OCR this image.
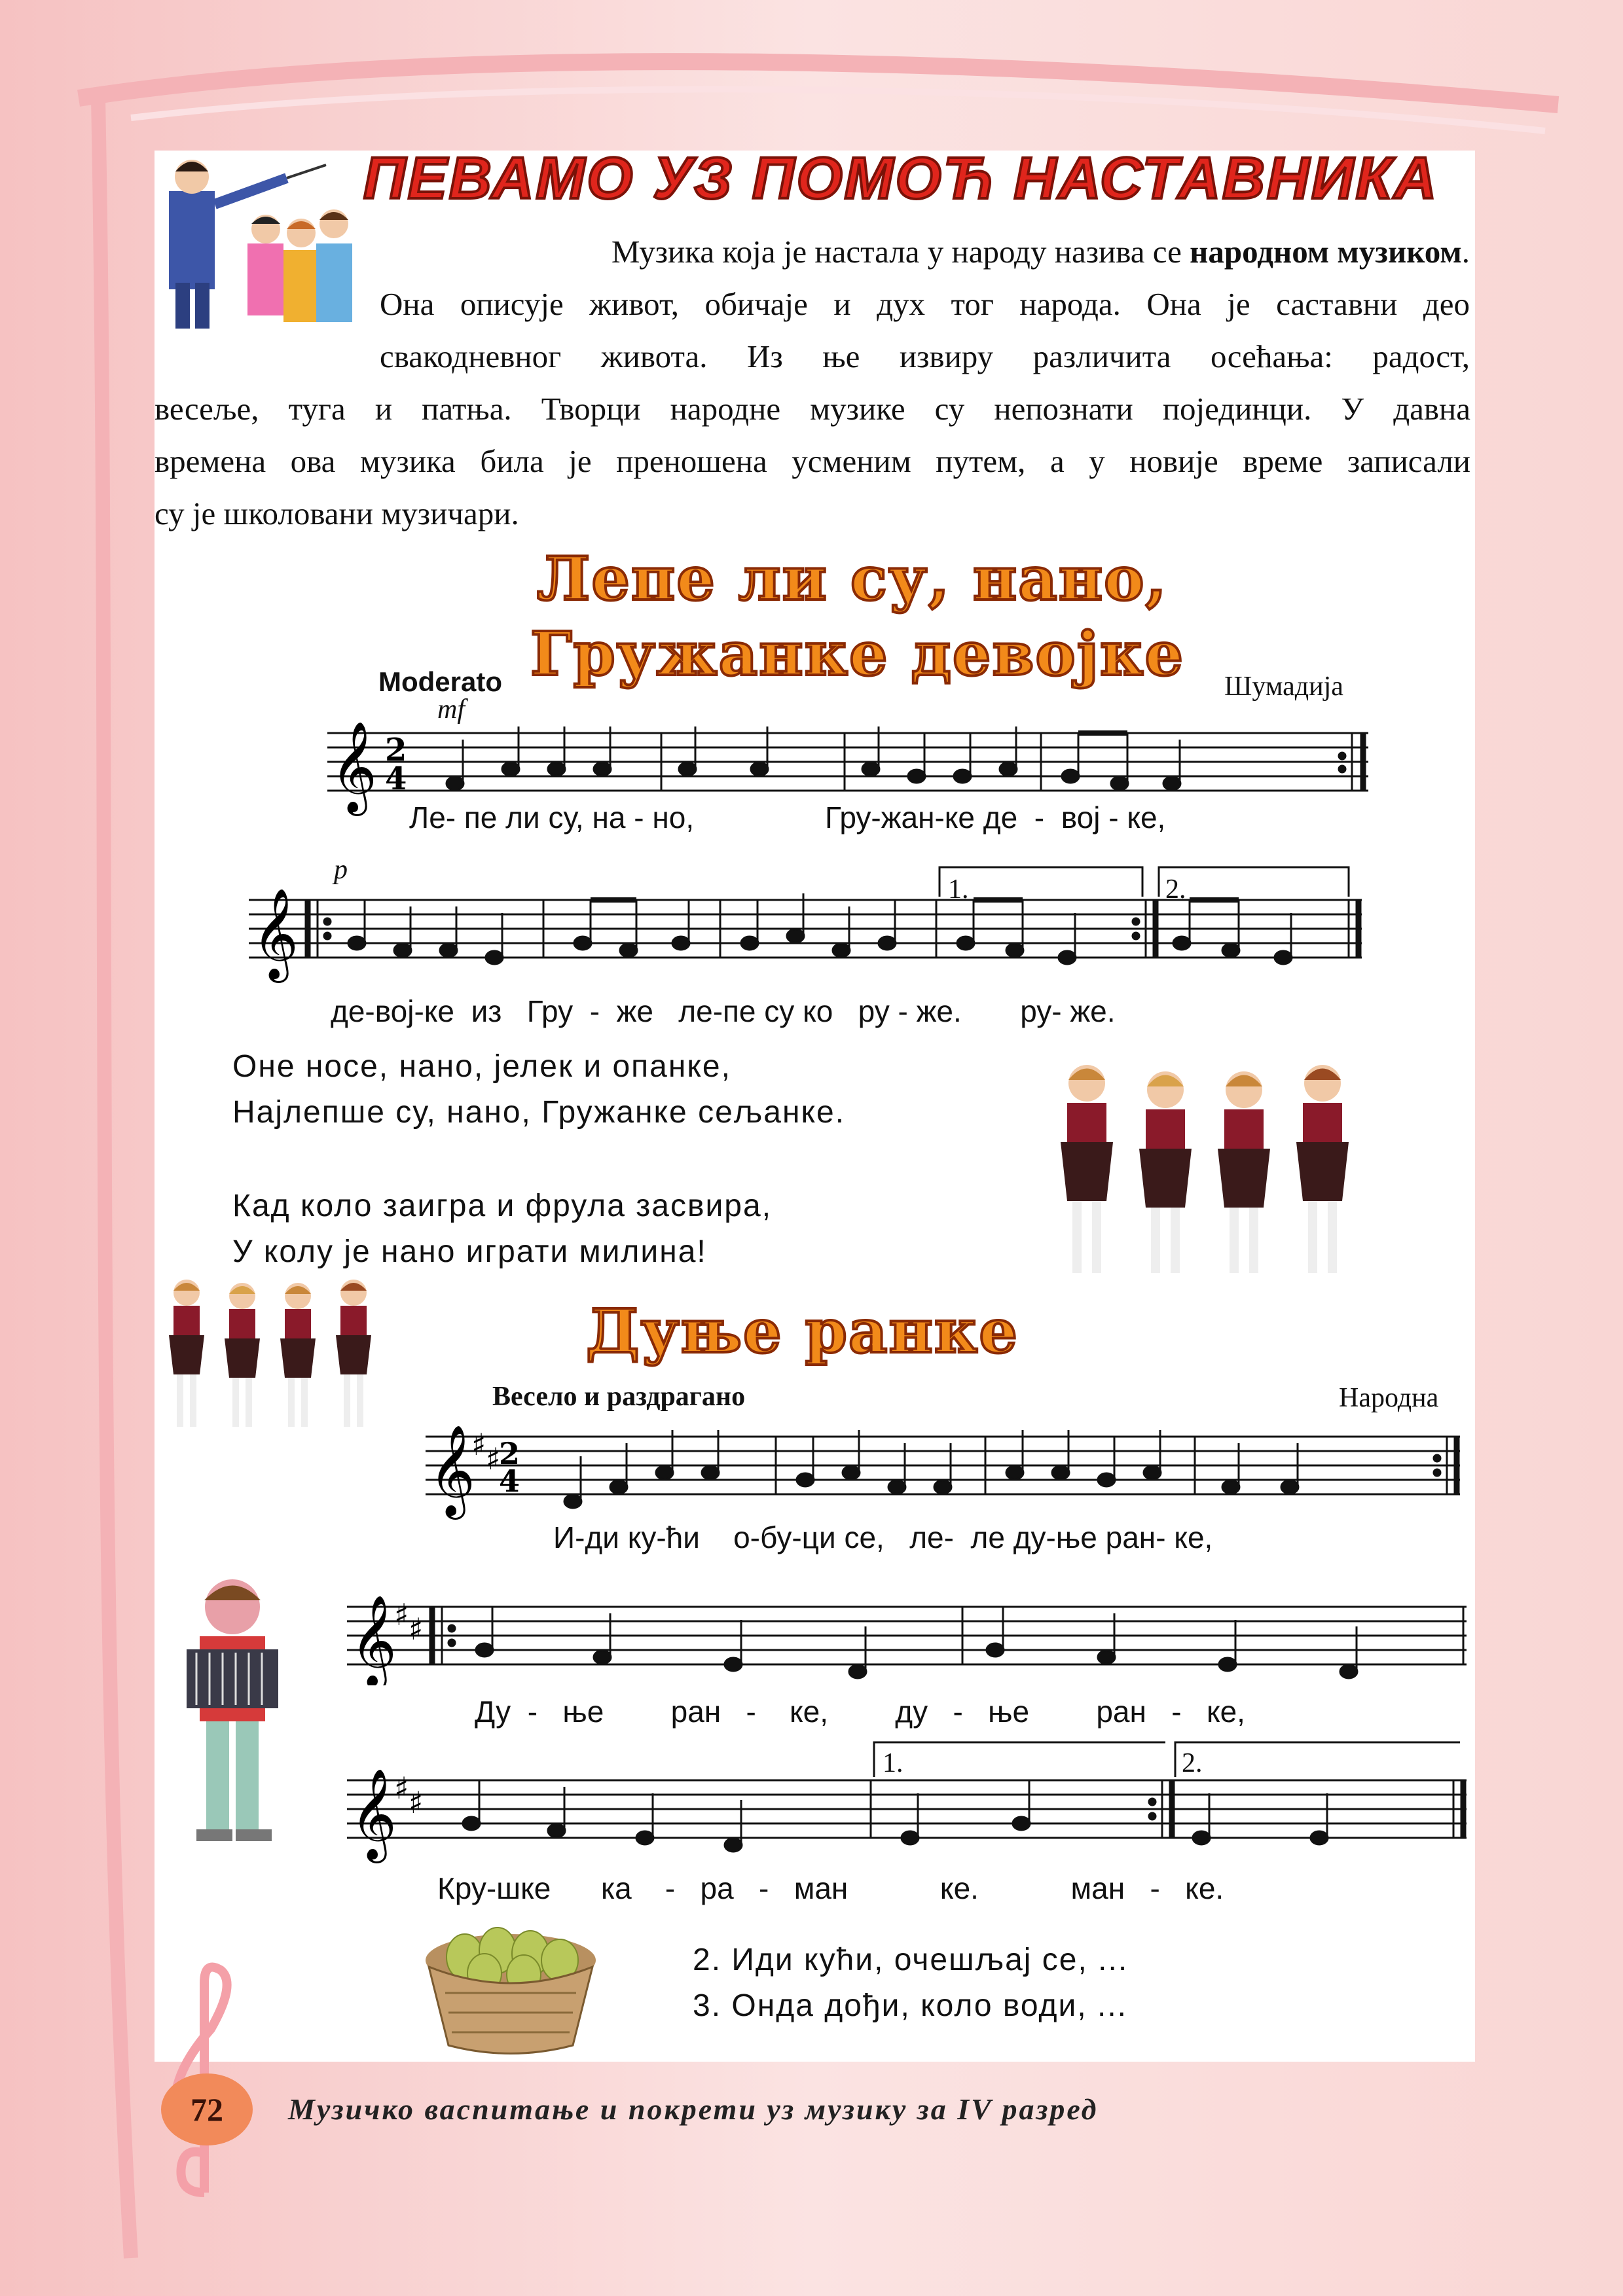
ПЕВАМО УЗ ПОМОЋ НАСТАВНИКА
Музика која је настала у народу назива се народном музиком.
Она описује живот, обичаје и дух тог народа. Она је саставни део
свакодневног живота. Из ње извиру различита осећања: радост,
весеље, туга и патња. Творци народне музике су непознати појединци. У давна
времена ова музика била је преношена усменим путем, а у новије време записали
су је школовани музичари.
Лепе ли су, нано,
Гружанке девојке
Moderato	Шумадија
mf
𝄞 2
4
Ле- пе ли су, на - но,	Гру-жан-ке де - воj - ке,
p
𝄞	1.	2.
де-вој-ке из Гру - же ле-пе су ко ру - же. ру- же.
Оне носе, нано, јелек и опанке,
Најлепше су, нано, Гружанке сељанке.
Кад коло заигра и фрула засвира,
У колу је нано играти милина!
Дуње ранке
Весело и раздрагано	Народна
𝄞
♯ ♯
2
4
И-ди ку-ћи о-бу-ци се, ле- ле ду-ње ран- ке,
𝄞
♯ ♯
Ду - ње ран - ке, ду - ње ран - ке,
𝄞
♯ ♯
1.	2.
Кру-шке ка - ра - ман	ке.	ман - ке.
2. Иди кући, очешљај се, ...
3. Онда дођи, коло води, ...
72	Музичко васпитање и покрети уз музику за IV разред
